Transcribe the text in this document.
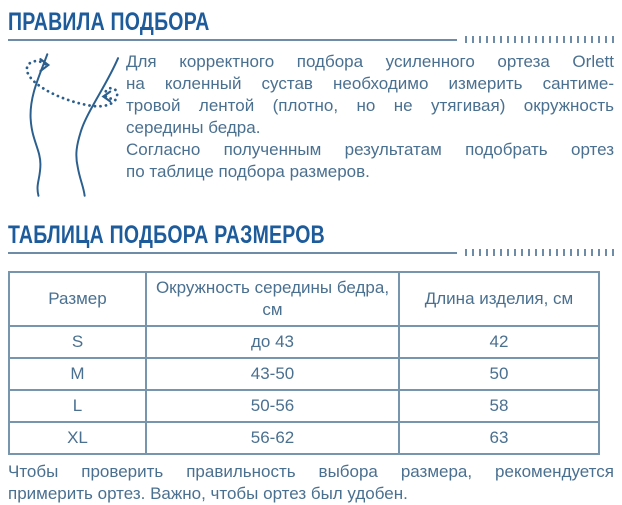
ПРАВИЛА ПОДБОРА
Для корректного подбора усиленного ортеза Orlett
на коленный сустав необходимо измерить сантиме-
тровой лентой (плотно, но не утягивая) окружность
середины бедра.
Согласно полученным результатам подобрать ортез
по таблице подбора размеров.
ТАБЛИЦА ПОДБОРА РАЗМЕРОВ
Размер	Окружность середины бедра, см	Длина изделия, см
S	до 43	42
M	43-50	50
L	50-56	58
XL	56-62	63
Чтобы проверить правильность выбора размера, рекомендуется
примерить ортез. Важно, чтобы ортез был удобен.
